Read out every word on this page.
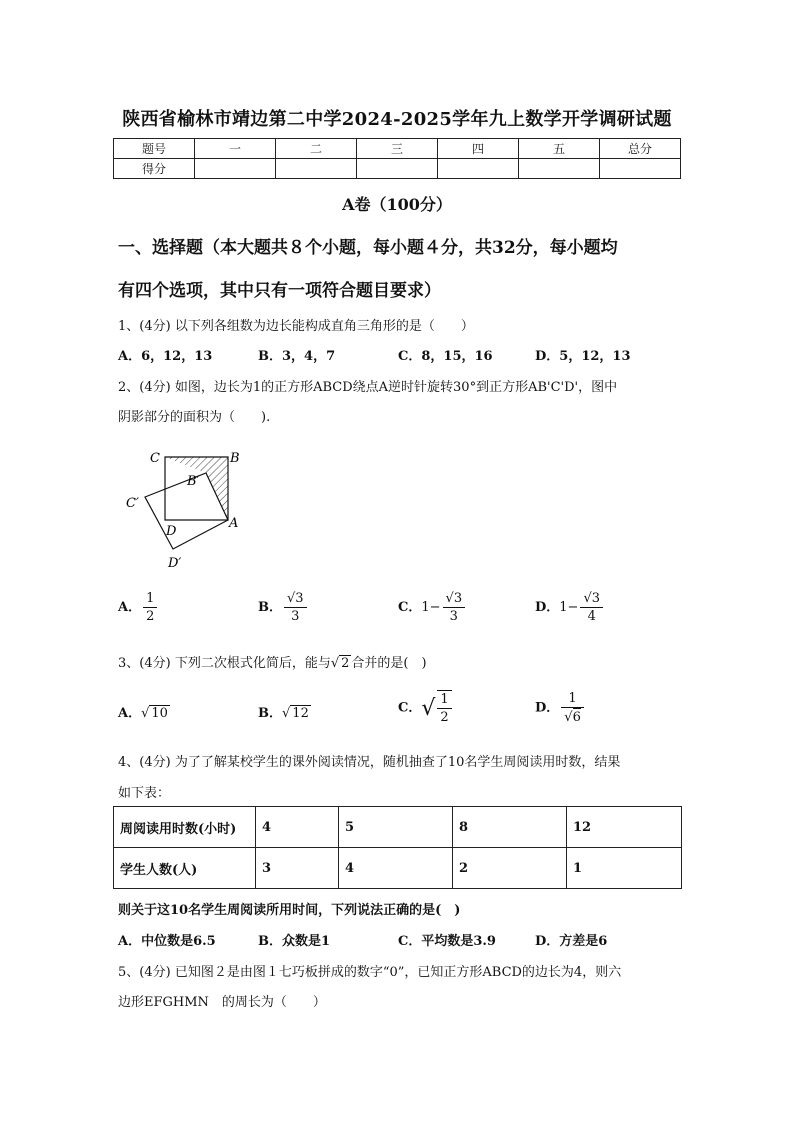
陕西省榆林市靖边第二中学2024-2025学年九上数学开学调研试题
题号	一	二	三	四	五	总分
得分						
A卷（100分）
一、选择题（本大题共８个小题，每小题４分，共32分，每小题均
有四个选项，其中只有一项符合题目要求）
1、(4分) 以下列各组数为边长能构成直角三角形的是（　　）
A．6，12，13	B．3，4，7	C．8，15，16	D．5，12，13
2、(4分) 如图，边长为1的正方形ABCD绕点A逆时针旋转30°到正方形AB'C'D'，图中
阴影部分的面积为（　　).
C	B
B′
C′
D
A
D′
A． $\frac{1}{2}$	B． $\frac{√3}{3}$	C．$1- \frac{√3}{3}$	D．$1- \frac{√3}{4}$
3、(4分) 下列二次根式化简后，能与√ 2 合并的是(　)
A．√ 10	B．√ 12	C．√ $\frac{1}{2}$	D． $\frac{1}{√6}$
4、(4分) 为了了解某校学生的课外阅读情况，随机抽查了10名学生周阅读用时数，结果
如下表：
周阅读用时数(小时)	4	5	8	12
学生人数(人)	3	4	2	1
则关于这10名学生周阅读所用时间，下列说法正确的是(　)
A．中位数是6.5	B．众数是1	C．平均数是3.9	D．方差是6
5、(4分) 已知图２是由图１七巧板拼成的数字“0”，已知正方形ABCD的边长为4，则六
边形EFGHMN　的周长为（　　）
